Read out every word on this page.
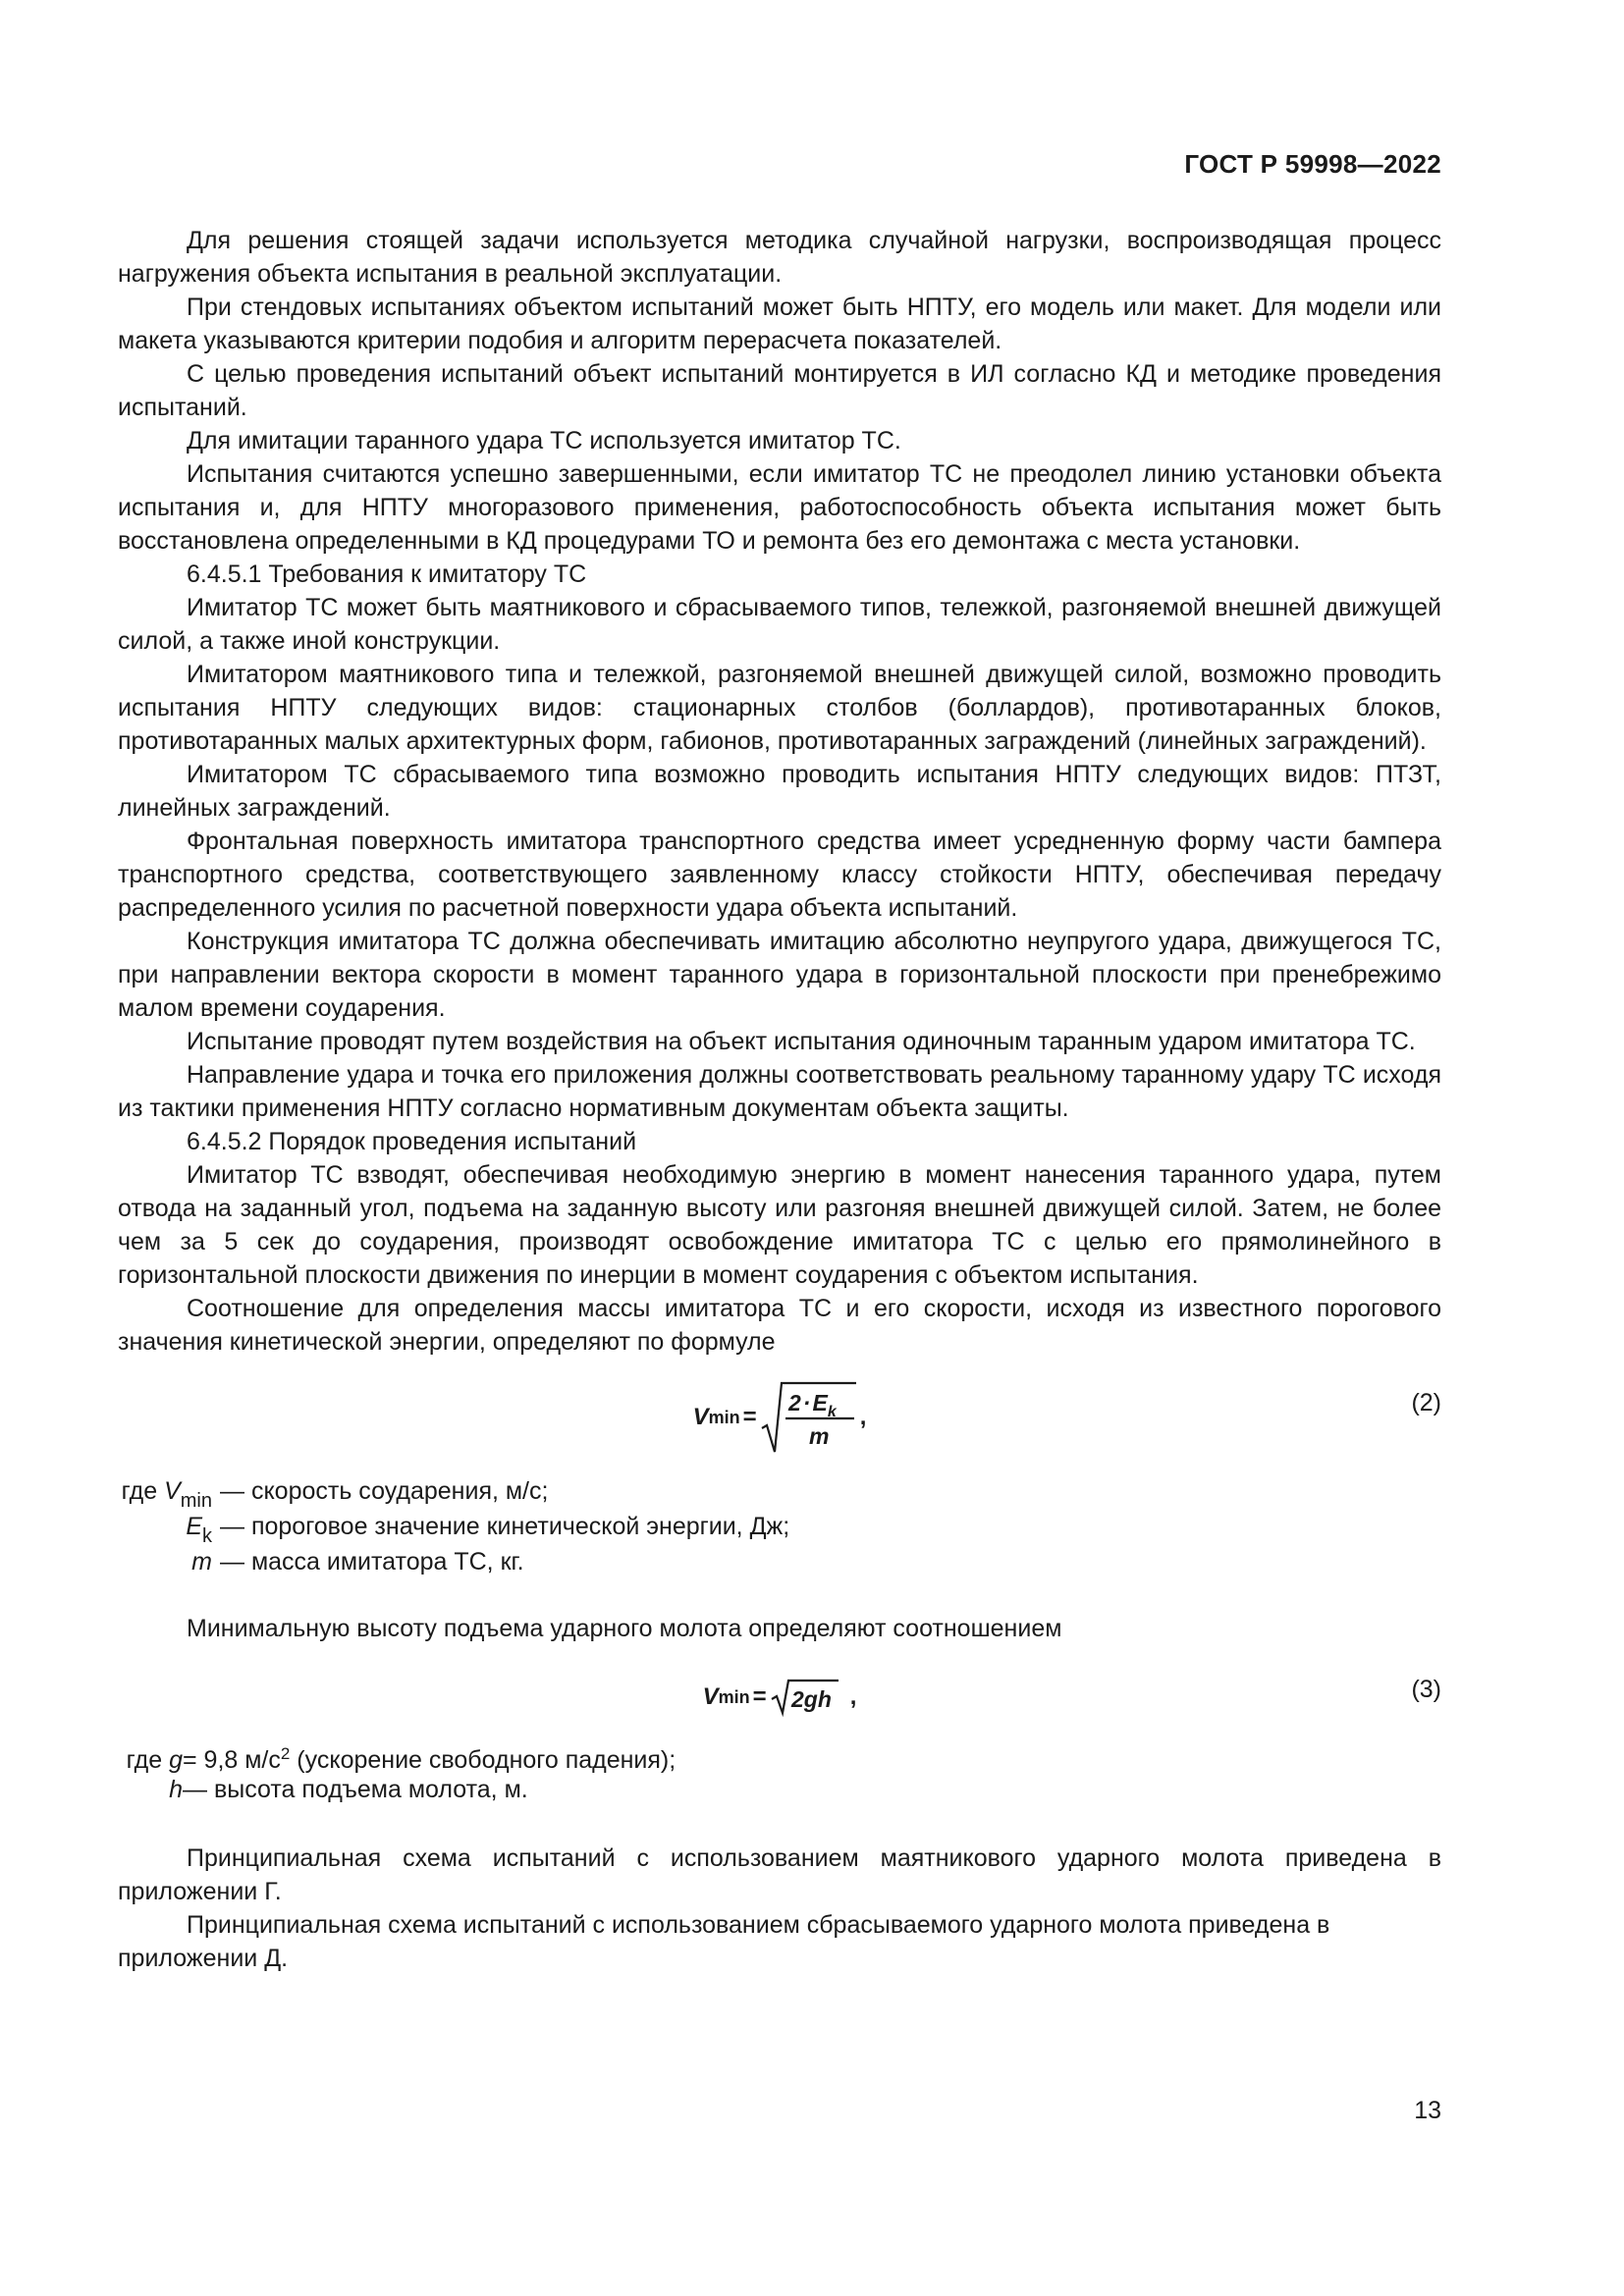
ГОСТ Р 59998—2022

Для решения стоящей задачи используется методика случайной нагрузки, воспроизводящая процесс нагружения объекта испытания в реальной эксплуатации.

При стендовых испытаниях объектом испытаний может быть НПТУ, его модель или макет. Для модели или макета указываются критерии подобия и алгоритм перерасчета показателей.

С целью проведения испытаний объект испытаний монтируется в ИЛ согласно КД и методике проведения испытаний.

Для имитации таранного удара ТС используется имитатор ТС.

Испытания считаются успешно завершенными, если имитатор ТС не преодолел линию установки объекта испытания и, для НПТУ многоразового применения, работоспособность объекта испытания может быть восстановлена определенными в КД процедурами ТО и ремонта без его демонтажа с места установки.

6.4.5.1 Требования к имитатору ТС

Имитатор ТС может быть маятникового и сбрасываемого типов, тележкой, разгоняемой внешней движущей силой, а также иной конструкции.

Имитатором маятникового типа и тележкой, разгоняемой внешней движущей силой, возможно проводить испытания НПТУ следующих видов: стационарных столбов (боллардов), противотаранных блоков, противотаранных малых архитектурных форм, габионов, противотаранных заграждений (линейных заграждений).

Имитатором ТС сбрасываемого типа возможно проводить испытания НПТУ следующих видов: ПТЗТ, линейных заграждений.

Фронтальная поверхность имитатора транспортного средства имеет усредненную форму части бампера транспортного средства, соответствующего заявленному классу стойкости НПТУ, обеспечивая передачу распределенного усилия по расчетной поверхности удара объекта испытаний.

Конструкция имитатора ТС должна обеспечивать имитацию абсолютно неупругого удара, движущегося ТС, при направлении вектора скорости в момент таранного удара в горизонтальной плоскости при пренебрежимо малом времени соударения.

Испытание проводят путем воздействия на объект испытания одиночным таранным ударом имитатора ТС.

Направление удара и точка его приложения должны соответствовать реальному таранному удару ТС исходя из тактики применения НПТУ согласно нормативным документам объекта защиты.

6.4.5.2 Порядок проведения испытаний

Имитатор ТС взводят, обеспечивая необходимую энергию в момент нанесения таранного удара, путем отвода на заданный угол, подъема на заданную высоту или разгоняя внешней движущей силой. Затем, не более чем за 5 сек до соударения, производят освобождение имитатора ТС с целью его прямолинейного в горизонтальной плоскости движения по инерции в момент соударения с объектом испытания.

Соотношение для определения массы имитатора ТС и его скорости, исходя из известного порогового значения кинетической энергии, определяют по формуле

V min =
$2\cdot E_k$
m
,
(2)
где $V_{min}$ — скорость соударения, м/с;
$E_k$ — пороговое значение кинетической энергии, Дж;
m — масса имитатора ТС, кг.

Минимальную высоту подъема ударного молота определяют соотношением

V min = 2gh ,	(3)
где g = 9,8 $м/с^2$ (ускорение свободного падения);
h — высота подъема молота, м.

Принципиальная схема испытаний с использованием маятникового ударного молота приведена в приложении Г.

Принципиальная схема испытаний с использованием сбрасываемого ударного молота приведена в приложении Д.

13
